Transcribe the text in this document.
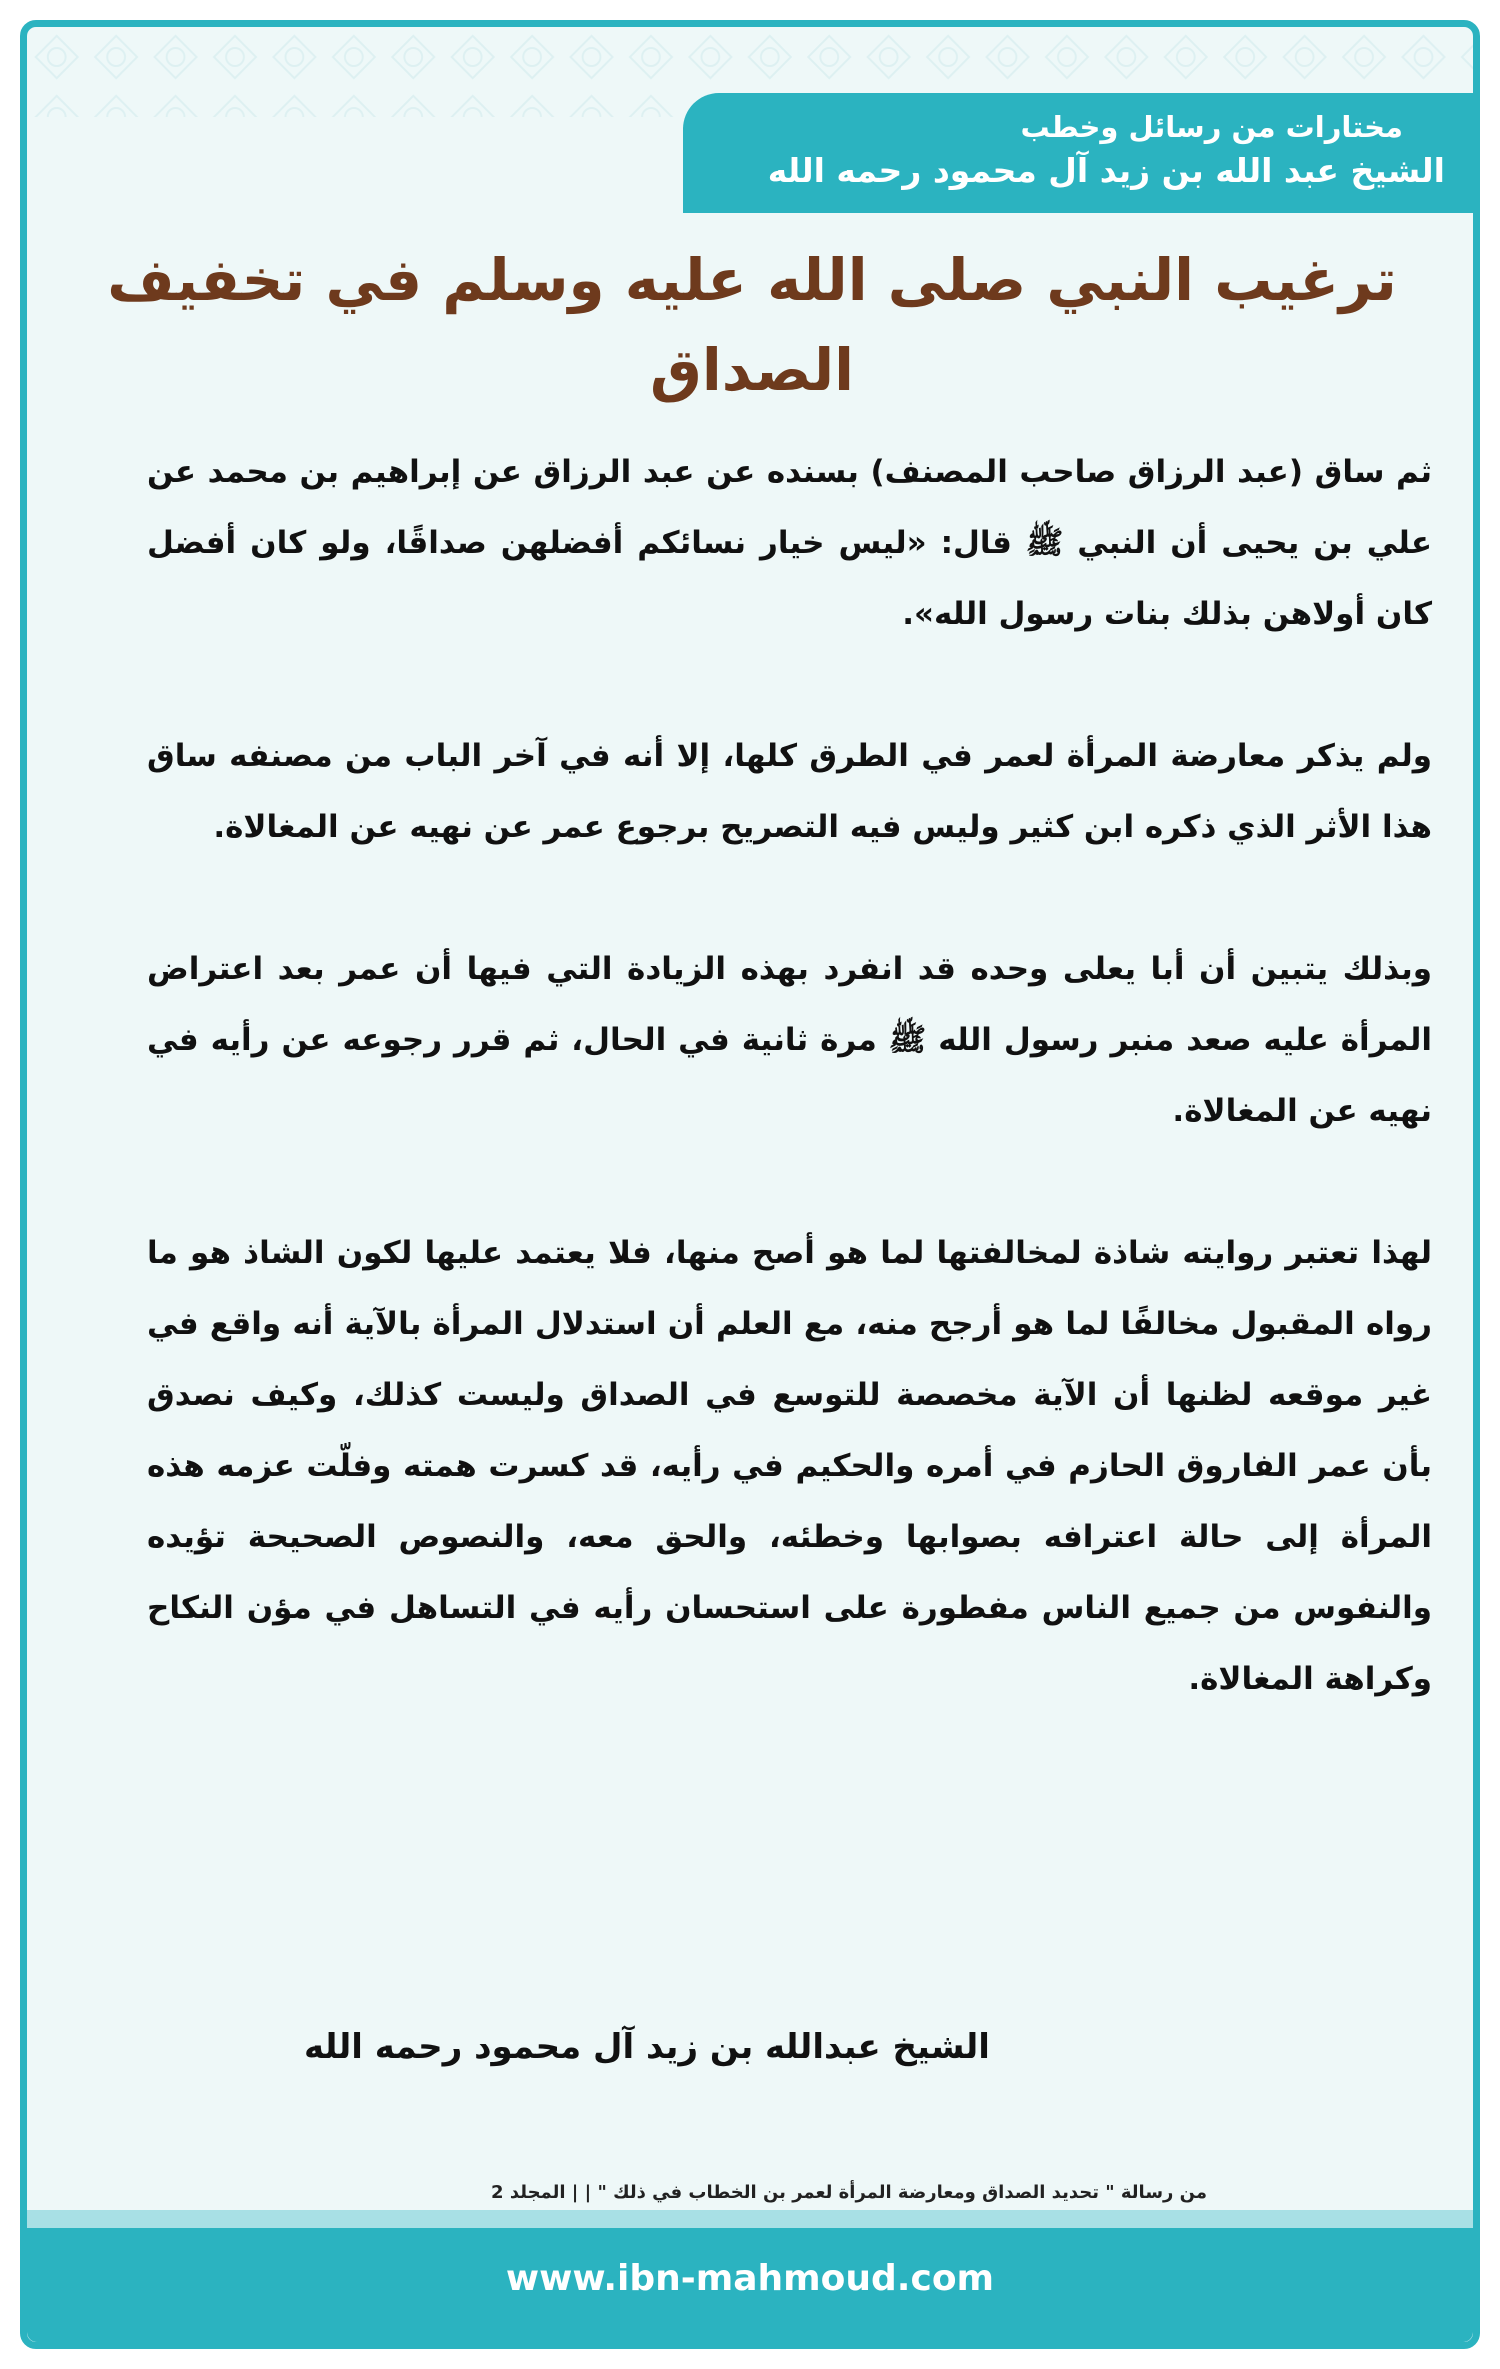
مختارات من رسائل وخطب
الشيخ عبد الله بن زيد آل محمود رحمه الله
ترغيب النبي صلى الله عليه وسلم في تخفيف الصداق

ثم ساق (عبد الرزاق صاحب المصنف) بسنده عن عبد الرزاق عن إبراهيم بن محمد عن علي بن يحيى أن النبي ﷺ قال: «ليس خيار نسائكم أفضلهن صداقًا، ولو كان أفضل كان أولاهن بذلك بنات رسول الله».

ولم يذكر معارضة المرأة لعمر في الطرق كلها، إلا أنه في آخر الباب من مصنفه ساق هذا الأثر الذي ذكره ابن كثير وليس فيه التصريح برجوع عمر عن نهيه عن المغالاة.

وبذلك يتبين أن أبا يعلى وحده قد انفرد بهذه الزيادة التي فيها أن عمر بعد اعتراض المرأة عليه صعد منبر رسول الله ﷺ مرة ثانية في الحال، ثم قرر رجوعه عن رأيه في نهيه عن المغالاة.

لهذا تعتبر روايته شاذة لمخالفتها لما هو أصح منها، فلا يعتمد عليها لكون الشاذ هو ما رواه المقبول مخالفًا لما هو أرجح منه، مع العلم أن استدلال المرأة بالآية أنه واقع في غير موقعه لظنها أن الآية مخصصة للتوسع في الصداق وليست كذلك، وكيف نصدق بأن عمر الفاروق الحازم في أمره والحكيم في رأيه، قد كسرت همته وفلّت عزمه هذه المرأة إلى حالة اعترافه بصوابها وخطئه، والحق معه، والنصوص الصحيحة تؤيده والنفوس من جميع الناس مفطورة على استحسان رأيه في التساهل في مؤن النكاح وكراهة المغالاة.

الشيخ عبدالله بن زيد آل محمود رحمه الله
من رسالة " تحديد الصداق ومعارضة المرأة لعمر بن الخطاب في ذلك " | | المجلد 2
www.ibn-mahmoud.com
